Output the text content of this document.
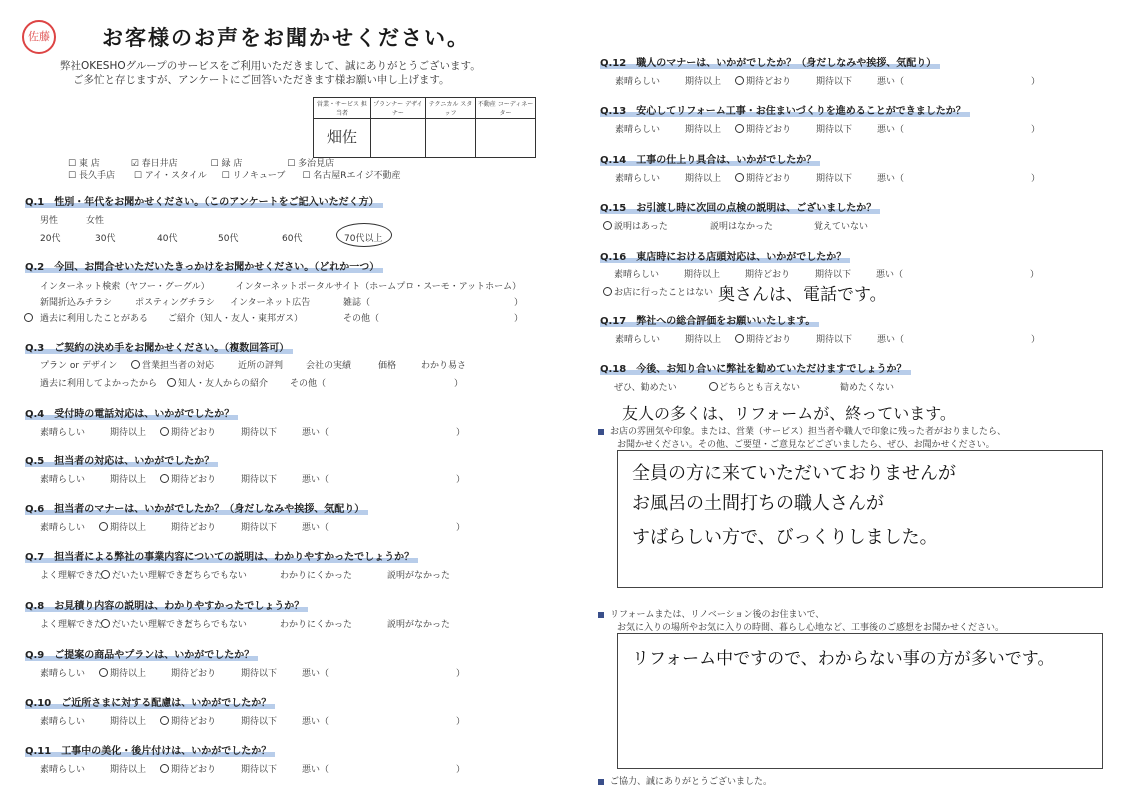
佐藤 お客様のお声をお聞かせください。
弊社OKESHOグループのサービスをご利用いただきまして、誠にありがとうございます。
ご多忙と存じますが、アンケートにご回答いただきます様お願い申し上げます。
営業・サービス 担当者	プランナー デザイナー	テクニカル スタッフ	不動産 コーディネーター

畑佐			

☐ 東 店	☑ 春日井店	☐ 緑 店	☐ 多治見店
☐ 長久手店 ☐ アイ・スタイル ☐ リノキューブ ☐ 名古屋Rエイジ不動産
Q.1　 性別・年代をお聞かせください。（このアンケートをご記入いただく方）
男性	女性
20代	30代	40代	50代	60代	70代以上
Q.2　 今回、お問合せいただいたきっかけをお聞かせください。（どれか一つ）
インターネット検索（ヤフー・グーグル）	インターネットポータルサイト（ホームプロ・スーモ・アットホーム）
新聞折込みチラシ	ポスティングチラシ インターネット広告	雑誌（	）
過去に利用したことがある ご紹介（知人・友人・東邦ガス）	その他（	）
Q.3　 ご契約の決め手をお聞かせください。（複数回答可）
プラン or デザイン	営業担当者の対応	近所の評判	会社の実績	価格	わかり易さ
過去に利用してよかったから 知人・友人からの紹介 その他（	）
Q.4　 受付時の電話対応は、いかがでしたか？
素晴らしい	期待以上	期待どおり	期待以下	悪い（	）
Q.5　 担当者の対応は、いかがでしたか？
素晴らしい	期待以上	期待どおり	期待以下	悪い（	）
Q.6　 担当者のマナーは、いかがでしたか？（身だしなみや挨拶、気配り）
素晴らしい	期待以上	期待どおり	期待以下	悪い（	）
Q.7　 担当者による弊社の事業内容についての説明は、わかりやすかったでしょうか？
よく理解できた だいたい理解できた
どちらでもない	わかりにくかった	説明がなかった
Q.8　 お見積り内容の説明は、わかりやすかったでしょうか？
よく理解できた だいたい理解できた
どちらでもない	わかりにくかった	説明がなかった
Q.9　 ご提案の商品やプランは、いかがでしたか？
素晴らしい	期待以上	期待どおり	期待以下	悪い（	）
Q.10　 ご近所さまに対する配慮は、いかがでしたか？
素晴らしい	期待以上	期待どおり	期待以下	悪い（	）
Q.11　 工事中の美化・後片付けは、いかがでしたか？
素晴らしい	期待以上	期待どおり	期待以下	悪い（	）
Q.12　 職人のマナーは、いかがでしたか？（身だしなみや挨拶、気配り）
素晴らしい	期待以上	期待どおり	期待以下	悪い（	）
Q.13　 安心してリフォーム工事・お住まいづくりを進めることができましたか？
素晴らしい	期待以上	期待どおり	期待以下	悪い（	）
Q.14　 工事の仕上り具合は、いかがでしたか？
素晴らしい	期待以上	期待どおり	期待以下	悪い（	）
Q.17　 弊社への総合評価をお願いいたします。
素晴らしい	期待以上	期待どおり	期待以下	悪い（	）
Q.15　 お引渡し時に次回の点検の説明は、ございましたか？
説明はあった	説明はなかった	覚えていない
Q.16　 東店時における店頭対応は、いかがでしたか？
素晴らしい	期待以上	期待どおり	期待以下	悪い（	）
お店に行ったことはない 奥さんは、電話です。
Q.18　 今後、お知り合いに弊社を勧めていただけますでしょうか？
ぜひ、勧めたい	どちらとも言えない	勧めたくない
友人の多くは、リフォームが、終っています。
お店の雰囲気や印象。または、営業（サービス）担当者や職人で印象に残った者がおりましたら、
お聞かせください。その他、ご要望・ご意見などございましたら、ぜひ、お聞かせください。
全員の方に来ていただいておりませんが
お風呂の土間打ちの職人さんが
すばらしい方で、びっくりしました。
リフォームまたは、リノベーション後のお住まいで、
お気に入りの場所やお気に入りの時間、暮らし心地など、工事後のご感想をお聞かせください。
リフォーム中ですので、わからない事の方が多いです。
ご協力、誠にありがとうございました。
